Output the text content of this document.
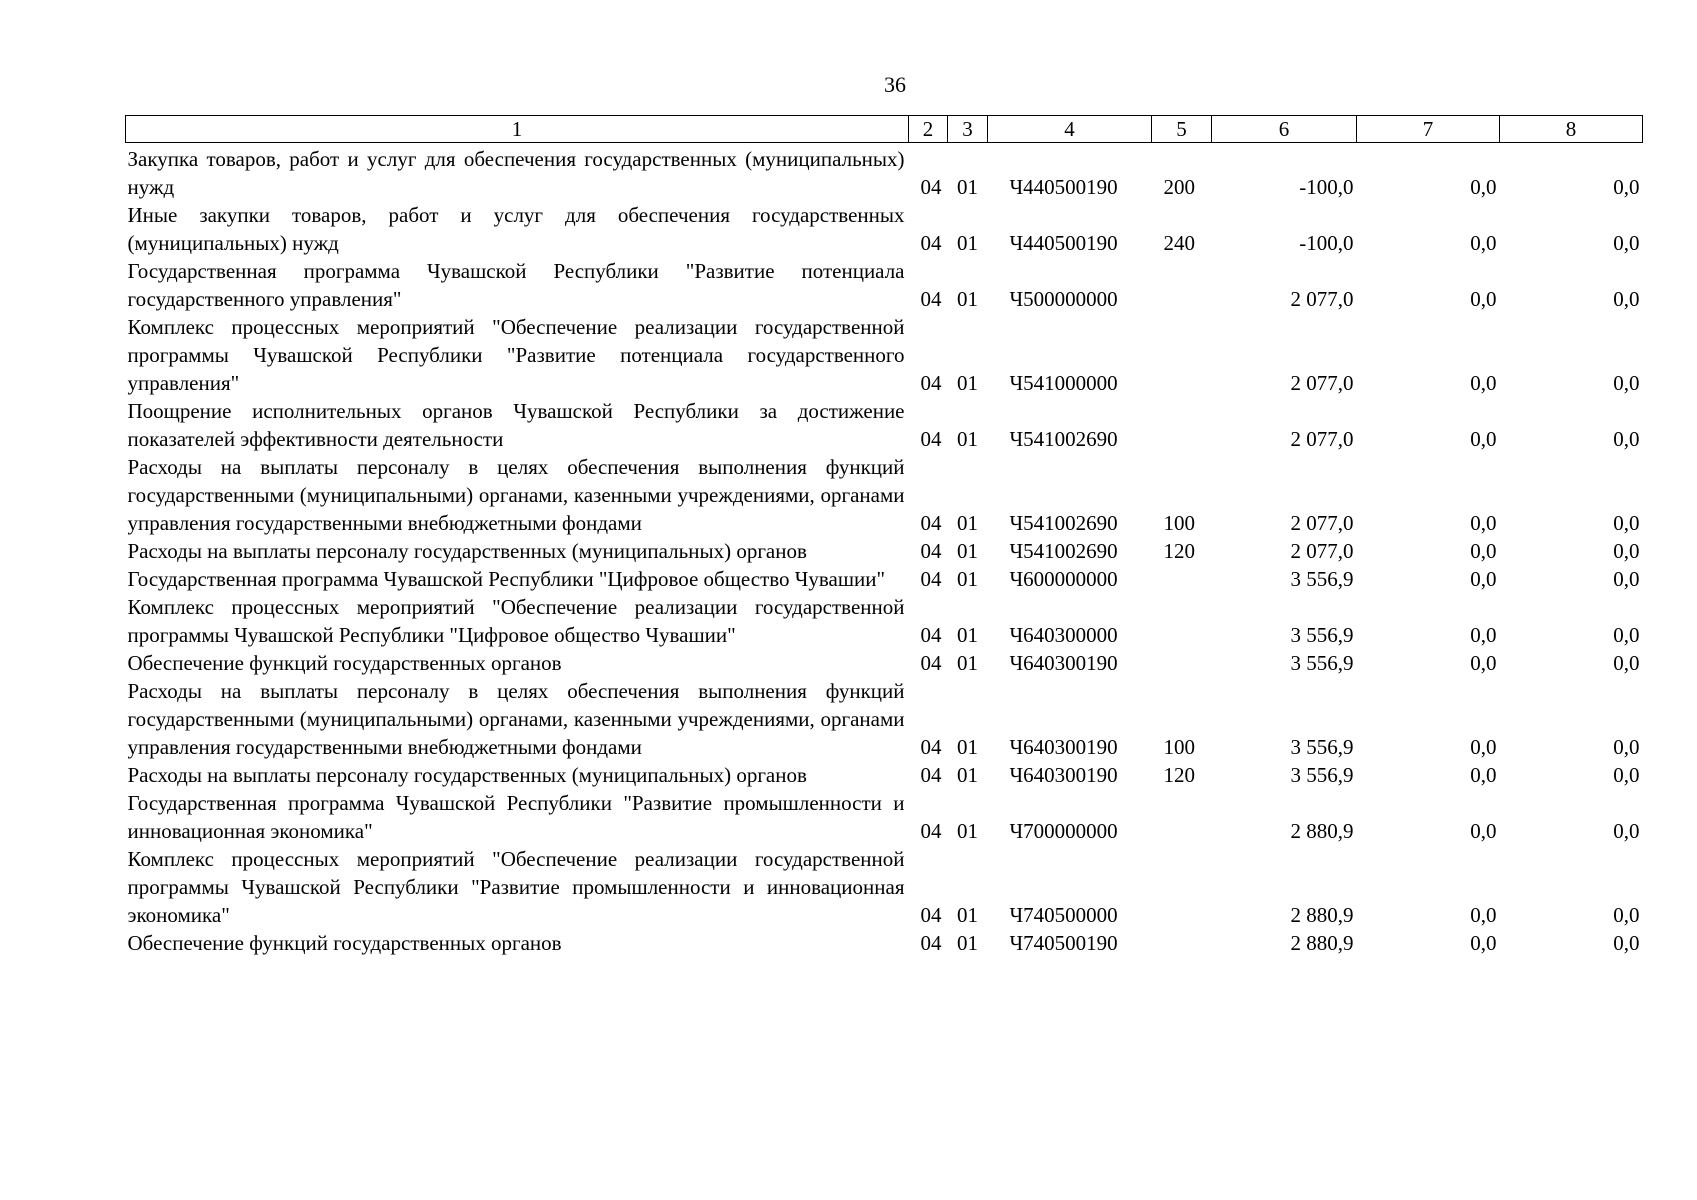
36
1	2	3	4	5	6	7	8
Закупка товаров, работ и услуг для обеспечения государственных (муниципальных) нужд	04	01	Ч440500190	200	-100,0	0,0	0,0
Иные закупки товаров, работ и услуг для обеспечения государственных (муниципальных) нужд	04	01	Ч440500190	240	-100,0	0,0	0,0
Государственная программа Чувашской Республики "Развитие потенциала государственного управления"	04	01	Ч500000000		2 077,0	0,0	0,0
Комплекс процессных мероприятий "Обеспечение реализации государственной программы Чувашской Республики "Развитие потенциала государственного управления"	04	01	Ч541000000		2 077,0	0,0	0,0
Поощрение исполнительных органов Чувашской Республики за достижение показателей эффективности деятельности	04	01	Ч541002690		2 077,0	0,0	0,0
Расходы на выплаты персоналу в целях обеспечения выполнения функций государственными (муниципальными) органами, казенными учреждениями, органами управления государственными внебюджетными фондами	04	01	Ч541002690	100	2 077,0	0,0	0,0
Расходы на выплаты персоналу государственных (муниципальных) органов	04	01	Ч541002690	120	2 077,0	0,0	0,0
Государственная программа Чувашской Республики "Цифровое общество Чувашии"	04	01	Ч600000000		3 556,9	0,0	0,0
Комплекс процессных мероприятий "Обеспечение реализации государственной программы Чувашской Республики "Цифровое общество Чувашии"	04	01	Ч640300000		3 556,9	0,0	0,0
Обеспечение функций государственных органов	04	01	Ч640300190		3 556,9	0,0	0,0
Расходы на выплаты персоналу в целях обеспечения выполнения функций государственными (муниципальными) органами, казенными учреждениями, органами управления государственными внебюджетными фондами	04	01	Ч640300190	100	3 556,9	0,0	0,0
Расходы на выплаты персоналу государственных (муниципальных) органов	04	01	Ч640300190	120	3 556,9	0,0	0,0
Государственная программа Чувашской Республики "Развитие промышленности и инновационная экономика"	04	01	Ч700000000		2 880,9	0,0	0,0
Комплекс процессных мероприятий "Обеспечение реализации государственной программы Чувашской Республики "Развитие промышленности и инновационная экономика"	04	01	Ч740500000		2 880,9	0,0	0,0
Обеспечение функций государственных органов	04	01	Ч740500190		2 880,9	0,0	0,0
